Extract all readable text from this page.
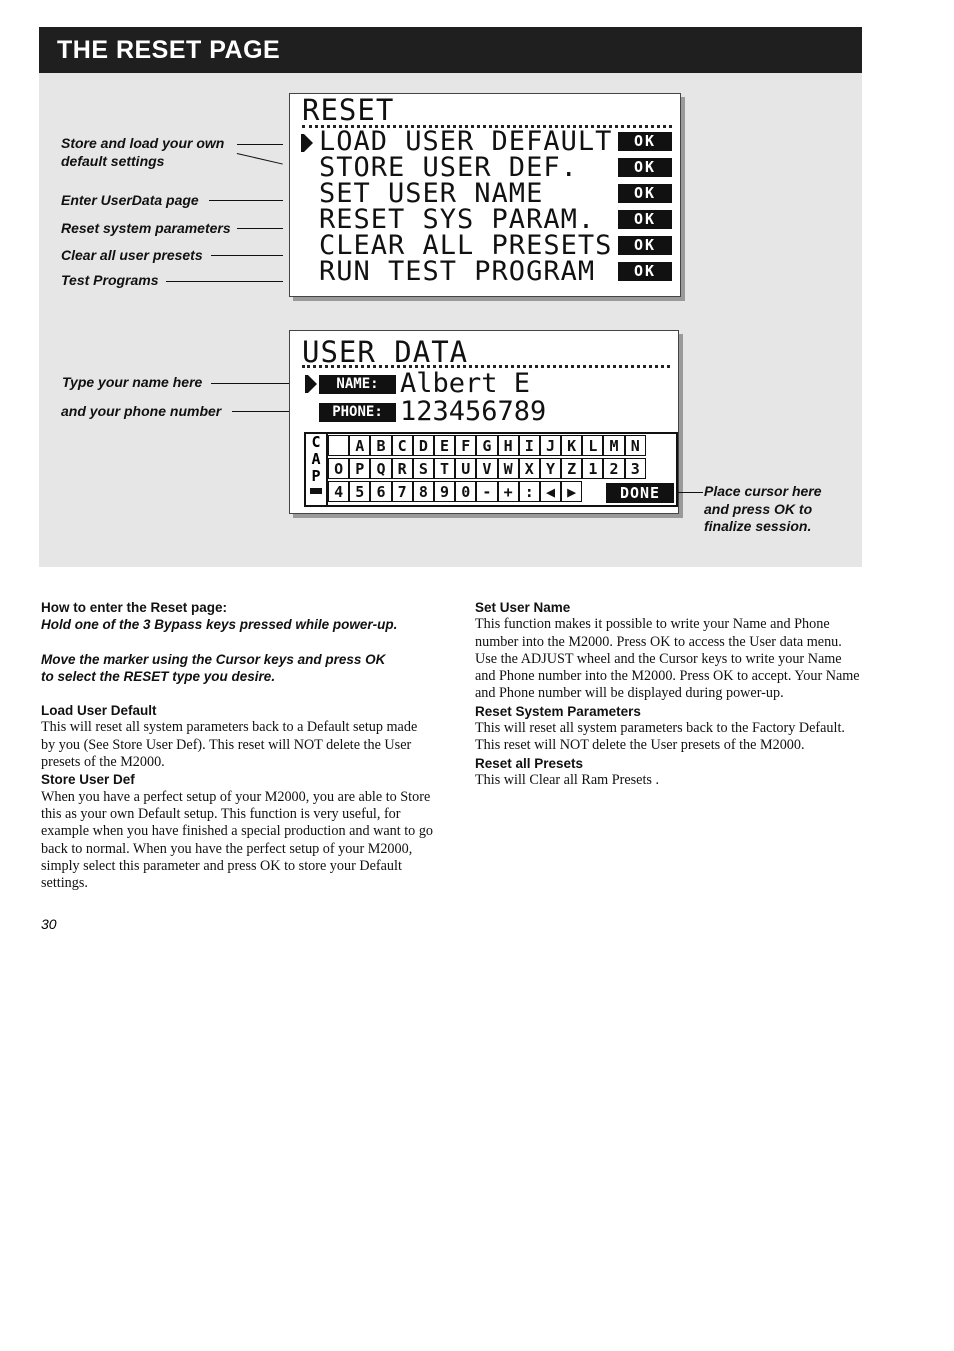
THE RESET PAGE
RESET
LOAD USER DEFAULT	OK
STORE USER DEF.	OK
SET USER NAME	OK
RESET SYS PARAM.	OK
CLEAR ALL PRESETS	OK
RUN TEST PROGRAM	OK
Store and load your own
default settings
Enter UserData page
Reset system parameters
Clear all user presets
Test Programs
USER DATA
NAME: Albert E
PHONE: 123456789
C
A
P
A B C D E F G H I J K L M N
O P Q R S T U V W X Y Z 1 2 3
4 5 6 7 8 9 0 - + : ◀ ▶	DONE
Type your name here
and your phone number
Place cursor here
and press OK to
finalize session.
How to enter the Reset page:

Hold one of the 3 Bypass keys pressed while power-up.

Move the marker using the Cursor keys and press OK

to select the RESET type you desire.

Load User Default

This will reset all system parameters back to a Default setup made by you (See Store User Def). This reset will NOT delete the User presets of the M2000.

Store User Def

When you have a perfect setup of your M2000, you are able to Store this as your own Default setup. This function is very useful, for example when you have finished a special production and want to go back to normal. When you have the perfect setup of your M2000, simply select this parameter and press OK to store your Default settings.

Set User Name

This function makes it possible to write your Name and Phone number into the M2000. Press OK to access the User data menu. Use the ADJUST wheel and the Cursor keys to write your Name and Phone number into the M2000. Press OK to accept. Your Name and Phone number will be displayed during power-up.

Reset System Parameters

This will reset all system parameters back to the Factory Default. This reset will NOT delete the User presets of the M2000.

Reset all Presets

This will Clear all Ram Presets .

30
